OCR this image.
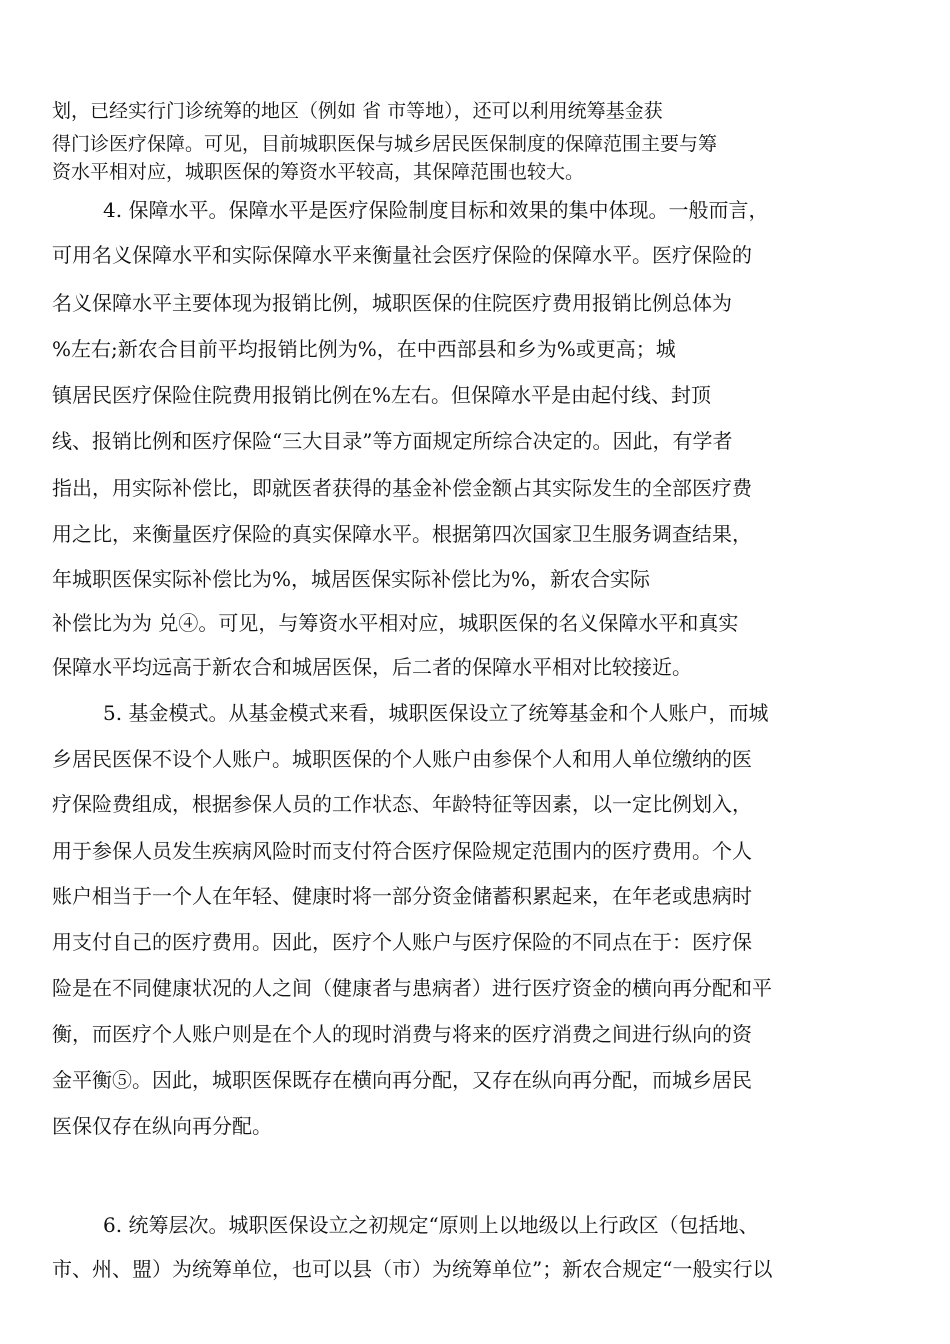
划，已经实行门诊统筹的地区（例如 省 市等地），还可以利用统筹基金获
得门诊医疗保障。可见，目前城职医保与城乡居民医保制度的保障范围主要与筹
资水平相对应，城职医保的筹资水平较高，其保障范围也较大。
4. 保障水平。保障水平是医疗保险制度目标和效果的集中体现。一般而言，
可用名义保障水平和实际保障水平来衡量社会医疗保险的保障水平。医疗保险的
名义保障水平主要体现为报销比例，城职医保的住院医疗费用报销比例总体为
%左右;新农合目前平均报销比例为%，在中西部县和乡为%或更高；城
镇居民医疗保险住院费用报销比例在%左右。但保障水平是由起付线、封顶
线、报销比例和医疗保险“三大目录”等方面规定所综合决定的。因此，有学者
指出，用实际补偿比，即就医者获得的基金补偿金额占其实际发生的全部医疗费
用之比，来衡量医疗保险的真实保障水平。根据第四次国家卫生服务调查结果，
年城职医保实际补偿比为%，城居医保实际补偿比为%，新农合实际
补偿比为为 兑④。可见，与筹资水平相对应，城职医保的名义保障水平和真实
保障水平均远高于新农合和城居医保，后二者的保障水平相对比较接近。
5. 基金模式。从基金模式来看，城职医保设立了统筹基金和个人账户，而城
乡居民医保不设个人账户。城职医保的个人账户由参保个人和用人单位缴纳的医
疗保险费组成，根据参保人员的工作状态、年龄特征等因素，以一定比例划入，
用于参保人员发生疾病风险时而支付符合医疗保险规定范围内的医疗费用。个人
账户相当于一个人在年轻、健康时将一部分资金储蓄积累起来，在年老或患病时
用支付自己的医疗费用。因此，医疗个人账户与医疗保险的不同点在于：医疗保
险是在不同健康状况的人之间（健康者与患病者）进行医疗资金的横向再分配和平
衡，而医疗个人账户则是在个人的现时消费与将来的医疗消费之间进行纵向的资
金平衡⑤。因此，城职医保既存在横向再分配，又存在纵向再分配，而城乡居民
医保仅存在纵向再分配。
6. 统筹层次。城职医保设立之初规定“原则上以地级以上行政区（包括地、
市、州、盟）为统筹单位，也可以县（市）为统筹单位”；新农合规定“一般实行以
